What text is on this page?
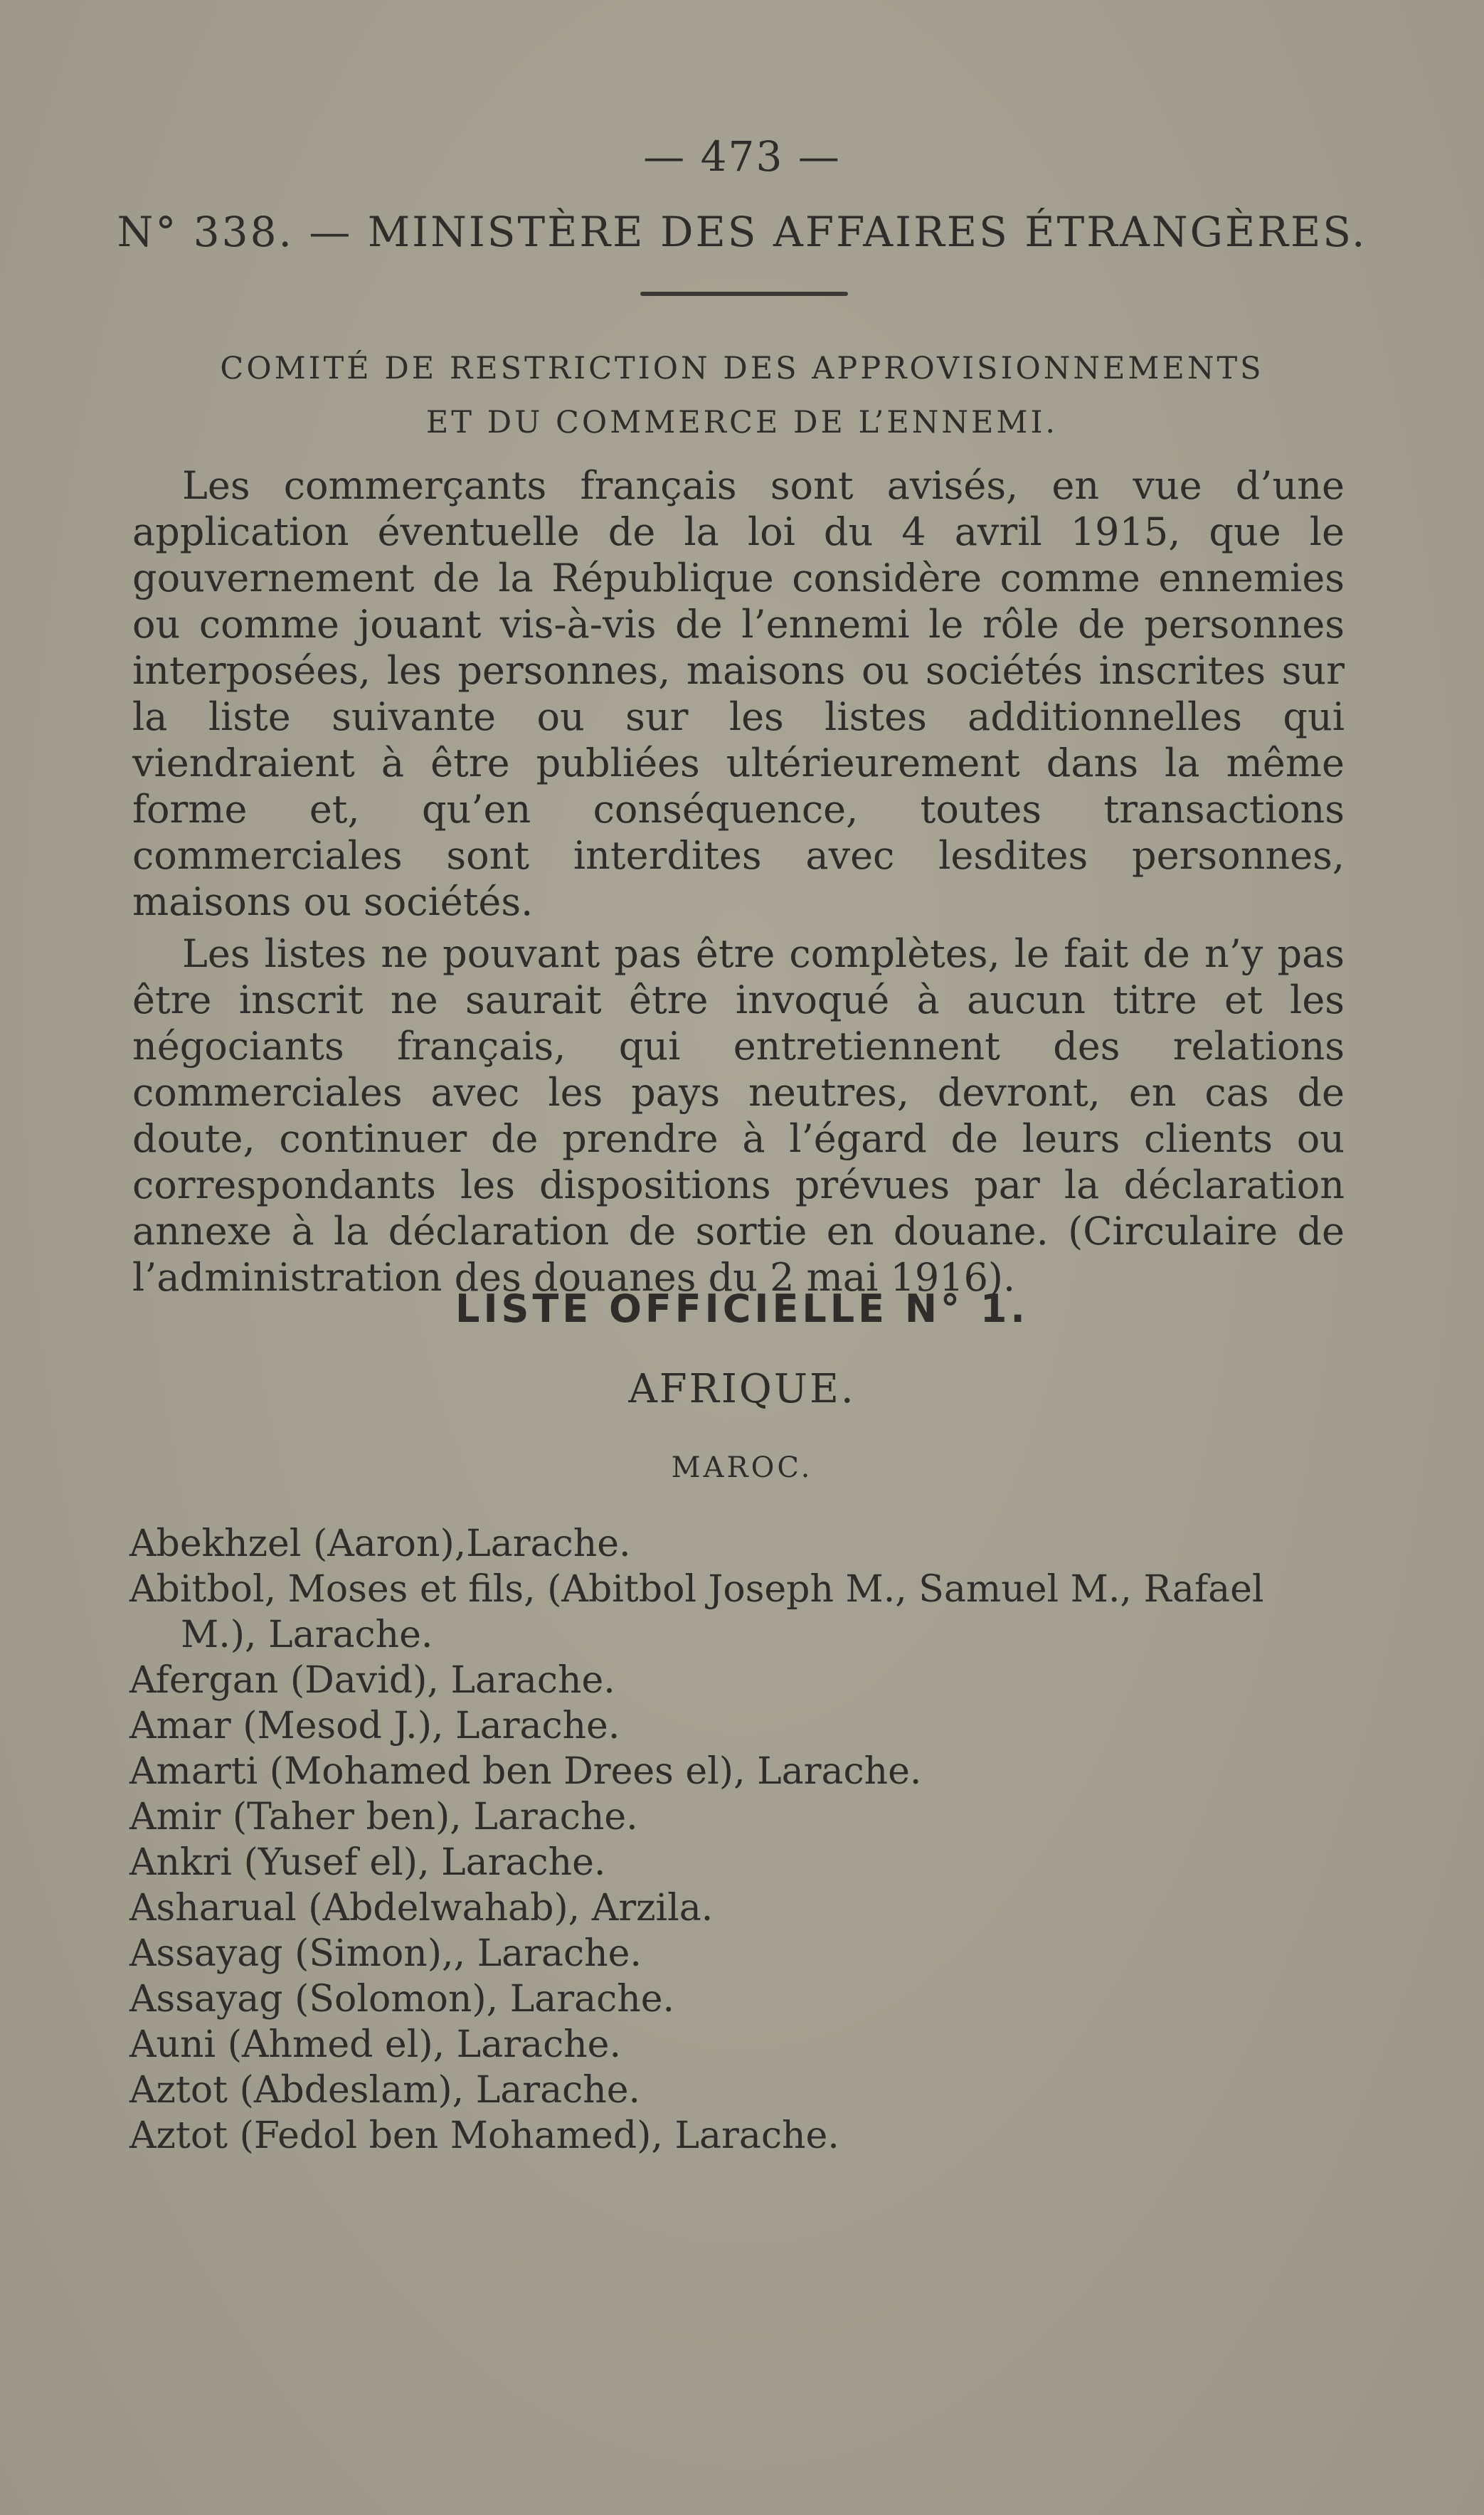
— 473 —
N° 338. — MINISTÈRE DES AFFAIRES ÉTRANGÈRES.
COMITÉ DE RESTRICTION DES APPROVISIONNEMENTS
ET DU COMMERCE DE L’ENNEMI.

Les commerçants français sont avisés, en vue d’une application éventuelle de la loi du 4 avril 1915, que le gouvernement de la République considère comme ennemies ou comme jouant vis-à-vis de l’ennemi le rôle de personnes interposées, les personnes, maisons ou sociétés inscrites sur la liste suivante ou sur les listes additionnelles qui viendraient à être publiées ultérieurement dans la même forme et, qu’en conséquence, toutes transactions commerciales sont interdites avec lesdites personnes, maisons ou sociétés.

Les listes ne pouvant pas être complètes, le fait de n’y pas être inscrit ne saurait être invoqué à aucun titre et les négociants français, qui entretiennent des relations commerciales avec les pays neutres, devront, en cas de doute, continuer de prendre à l’égard de leurs clients ou correspondants les dispositions prévues par la déclaration annexe à la déclaration de sortie en douane. (Circulaire de l’administration des douanes du 2 mai 1916).

LISTE OFFICIELLE N° 1.
AFRIQUE.
MAROC.
Abekhzel (Aaron),Larache.
Abitbol, Moses et fils, (Abitbol Joseph M., Samuel M., Rafael M.), Larache.
Afergan (David), Larache.
Amar (Mesod J.), Larache.
Amarti (Mohamed ben Drees el), Larache.
Amir (Taher ben), Larache.
Ankri (Yusef el), Larache.
Asharual (Abdelwahab), Arzila.
Assayag (Simon),, Larache.
Assayag (Solomon), Larache.
Auni (Ahmed el), Larache.
Aztot (Abdeslam), Larache.
Aztot (Fedol ben Mohamed), Larache.
